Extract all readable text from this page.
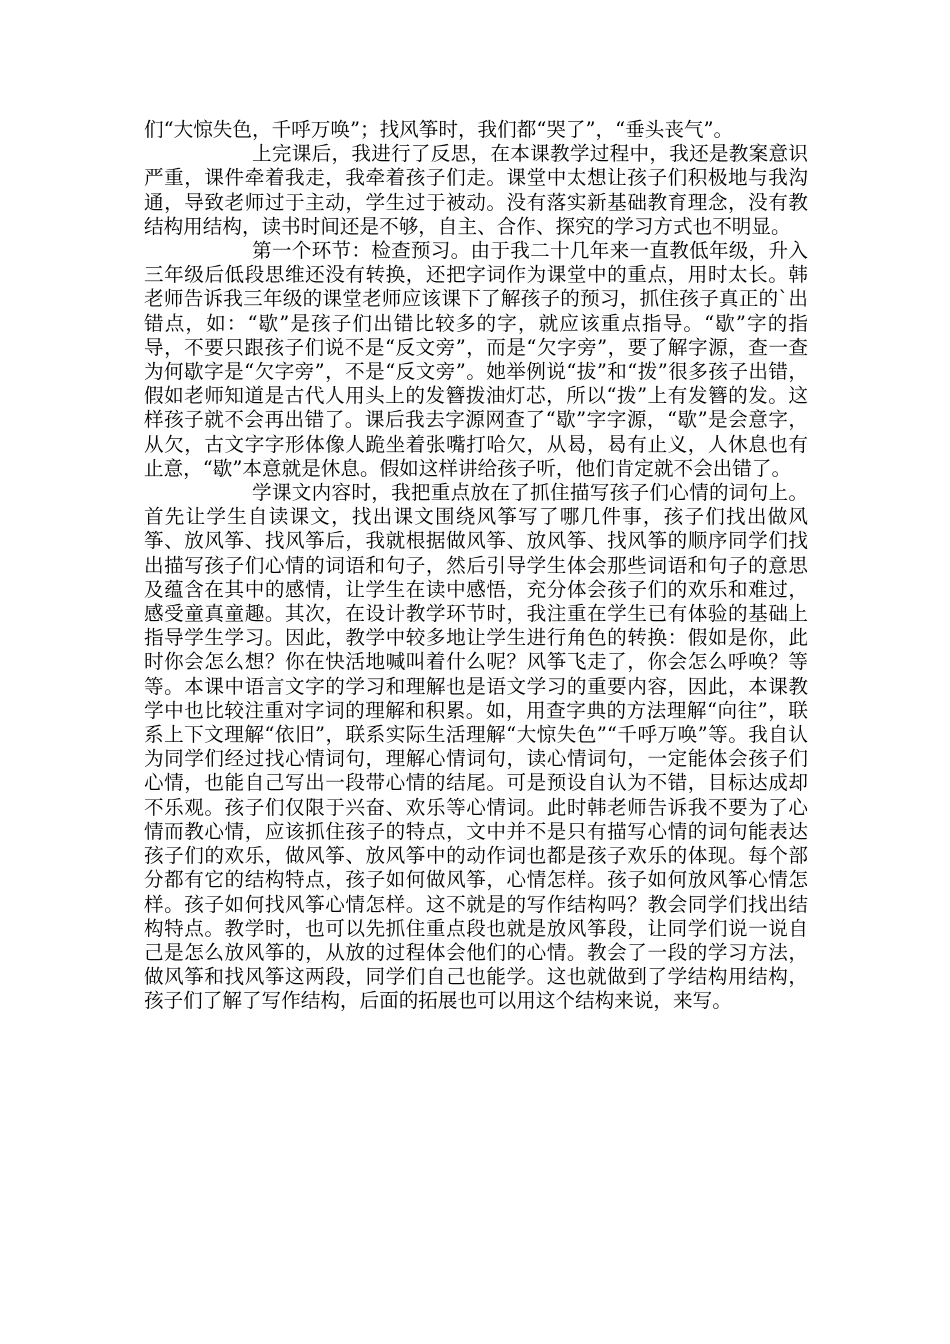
们“大惊失色，千呼万唤”；找风筝时，我们都“哭了”，“垂头丧气”。

上完课后，我进行了反思，在本课教学过程中，我还是教案意识严重，课件牵着我走，我牵着孩子们走。课堂中太想让孩子们积极地与我沟通，导致老师过于主动，学生过于被动。没有落实新基础教育理念，没有教结构用结构，读书时间还是不够，自主、合作、探究的学习方式也不明显。

第一个环节：检查预习。由于我二十几年来一直教低年级，升入三年级后低段思维还没有转换，还把字词作为课堂中的重点，用时太长。韩老师告诉我三年级的课堂老师应该课下了解孩子的预习，抓住孩子真正的`出错点，如：“歇”是孩子们出错比较多的字，就应该重点指导。“歇”字的指导，不要只跟孩子们说不是“反文旁”，而是“欠字旁”，要了解字源，查一查为何歇字是“欠字旁”，不是“反文旁”。她举例说“拔”和“拨”很多孩子出错，假如老师知道是古代人用头上的发簪拨油灯芯，所以“拨”上有发簪的发。这样孩子就不会再出错了。课后我去字源网查了“歇”字字源，“歇”是会意字，从欠，古文字字形体像人跪坐着张嘴打哈欠，从曷，曷有止义，人休息也有止意，“歇”本意就是休息。假如这样讲给孩子听，他们肯定就不会出错了。

学课文内容时，我把重点放在了抓住描写孩子们心情的词句上。首先让学生自读课文，找出课文围绕风筝写了哪几件事，孩子们找出做风筝、放风筝、找风筝后，我就根据做风筝、放风筝、找风筝的顺序同学们找出描写孩子们心情的词语和句子，然后引导学生体会那些词语和句子的意思及蕴含在其中的感情，让学生在读中感悟，充分体会孩子们的欢乐和难过，感受童真童趣。其次，在设计教学环节时，我注重在学生已有体验的基础上指导学生学习。因此，教学中较多地让学生进行角色的转换：假如是你，此时你会怎么想？你在快活地喊叫着什么呢？风筝飞走了，你会怎么呼唤？等等。本课中语言文字的学习和理解也是语文学习的重要内容，因此，本课教学中也比较注重对字词的理解和积累。如，用查字典的方法理解“向往”，联系上下文理解“依旧”，联系实际生活理解“大惊失色”“千呼万唤”等。我自认为同学们经过找心情词句，理解心情词句，读心情词句，一定能体会孩子们心情，也能自己写出一段带心情的结尾。可是预设自认为不错，目标达成却不乐观。孩子们仅限于兴奋、欢乐等心情词。此时韩老师告诉我不要为了心情而教心情，应该抓住孩子的特点，文中并不是只有描写心情的词句能表达孩子们的欢乐，做风筝、放风筝中的动作词也都是孩子欢乐的体现。每个部分都有它的结构特点，孩子如何做风筝，心情怎样。孩子如何放风筝心情怎样。孩子如何找风筝心情怎样。这不就是的写作结构吗？教会同学们找出结构特点。教学时，也可以先抓住重点段也就是放风筝段，让同学们说一说自己是怎么放风筝的，从放的过程体会他们的心情。教会了一段的学习方法，做风筝和找风筝这两段，同学们自己也能学。这也就做到了学结构用结构，孩子们了解了写作结构，后面的拓展也可以用这个结构来说，来写。
